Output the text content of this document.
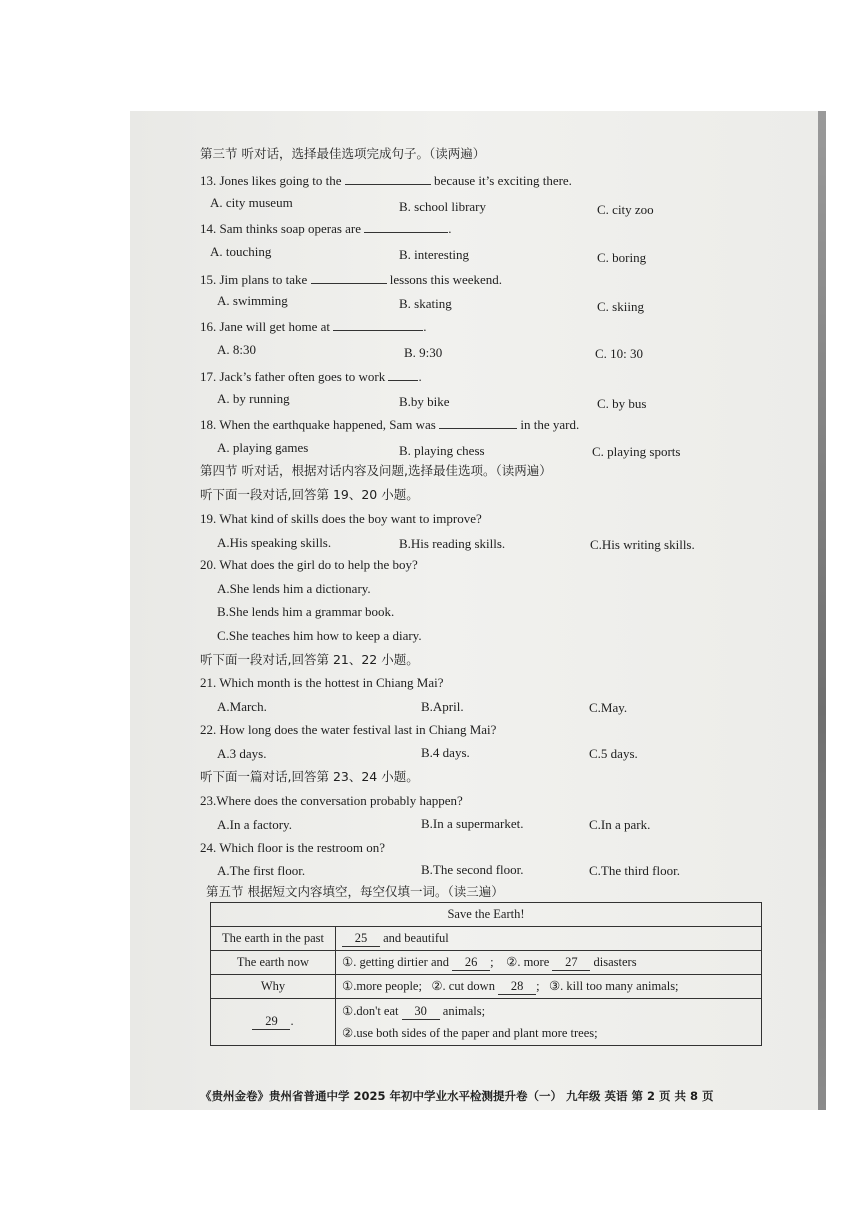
第三节 听对话，选择最佳选项完成句子。（读两遍）
13. Jones likes going to the	because it’s exciting there.
A. city museum	B. school library	C. city zoo
14. Sam thinks soap operas are	.
A. touching	B. interesting	C. boring
15. Jim plans to take	lessons this weekend.
A. swimming	B. skating	C. skiing
16. Jane will get home at	.
A. 8:30	B. 9:30	C. 10: 30
17. Jack’s father often goes to work	.
A. by running	B.by bike	C. by bus
18. When the earthquake happened, Sam was	in the yard.
A. playing games	B. playing chess	C. playing sports
第四节 听对话，根据对话内容及问题,选择最佳选项。（读两遍）
听下面一段对话,回答第 19、20 小题。
19. What kind of skills does the boy want to improve?
A.His speaking skills.	B.His reading skills.	C.His writing skills.
20. What does the girl do to help the boy?
A.She lends him a dictionary.
B.She lends him a grammar book.
C.She teaches him how to keep a diary.
听下面一段对话,回答第 21、22 小题。
21. Which month is the hottest in Chiang Mai?
A.March.	B.April.	C.May.
22. How long does the water festival last in Chiang Mai?
A.3 days.	B.4 days.	C.5 days.
听下面一篇对话,回答第 23、24 小题。
23.Where does the conversation probably happen?
A.In a factory.	B.In a supermarket.	C.In a park.
24. Which floor is the restroom on?
A.The first floor.	B.The second floor.	C.The third floor.
第五节 根据短文内容填空，每空仅填一词。（读三遍）
Save the Earth!	
The earth in the past	25 and beautiful
The earth now	①. getting dirtier and 26 ; ②. more 27 disasters
Why	①.more people; ②. cut down 28 ; ③. kill too many animals;
29 .	①.don't eat 30 animals;
②.use both sides of the paper and plant more trees;
《贵州金卷》贵州省普通中学 2025 年初中学业水平检测提升卷（一） 九年级 英语 第 2 页 共 8 页
